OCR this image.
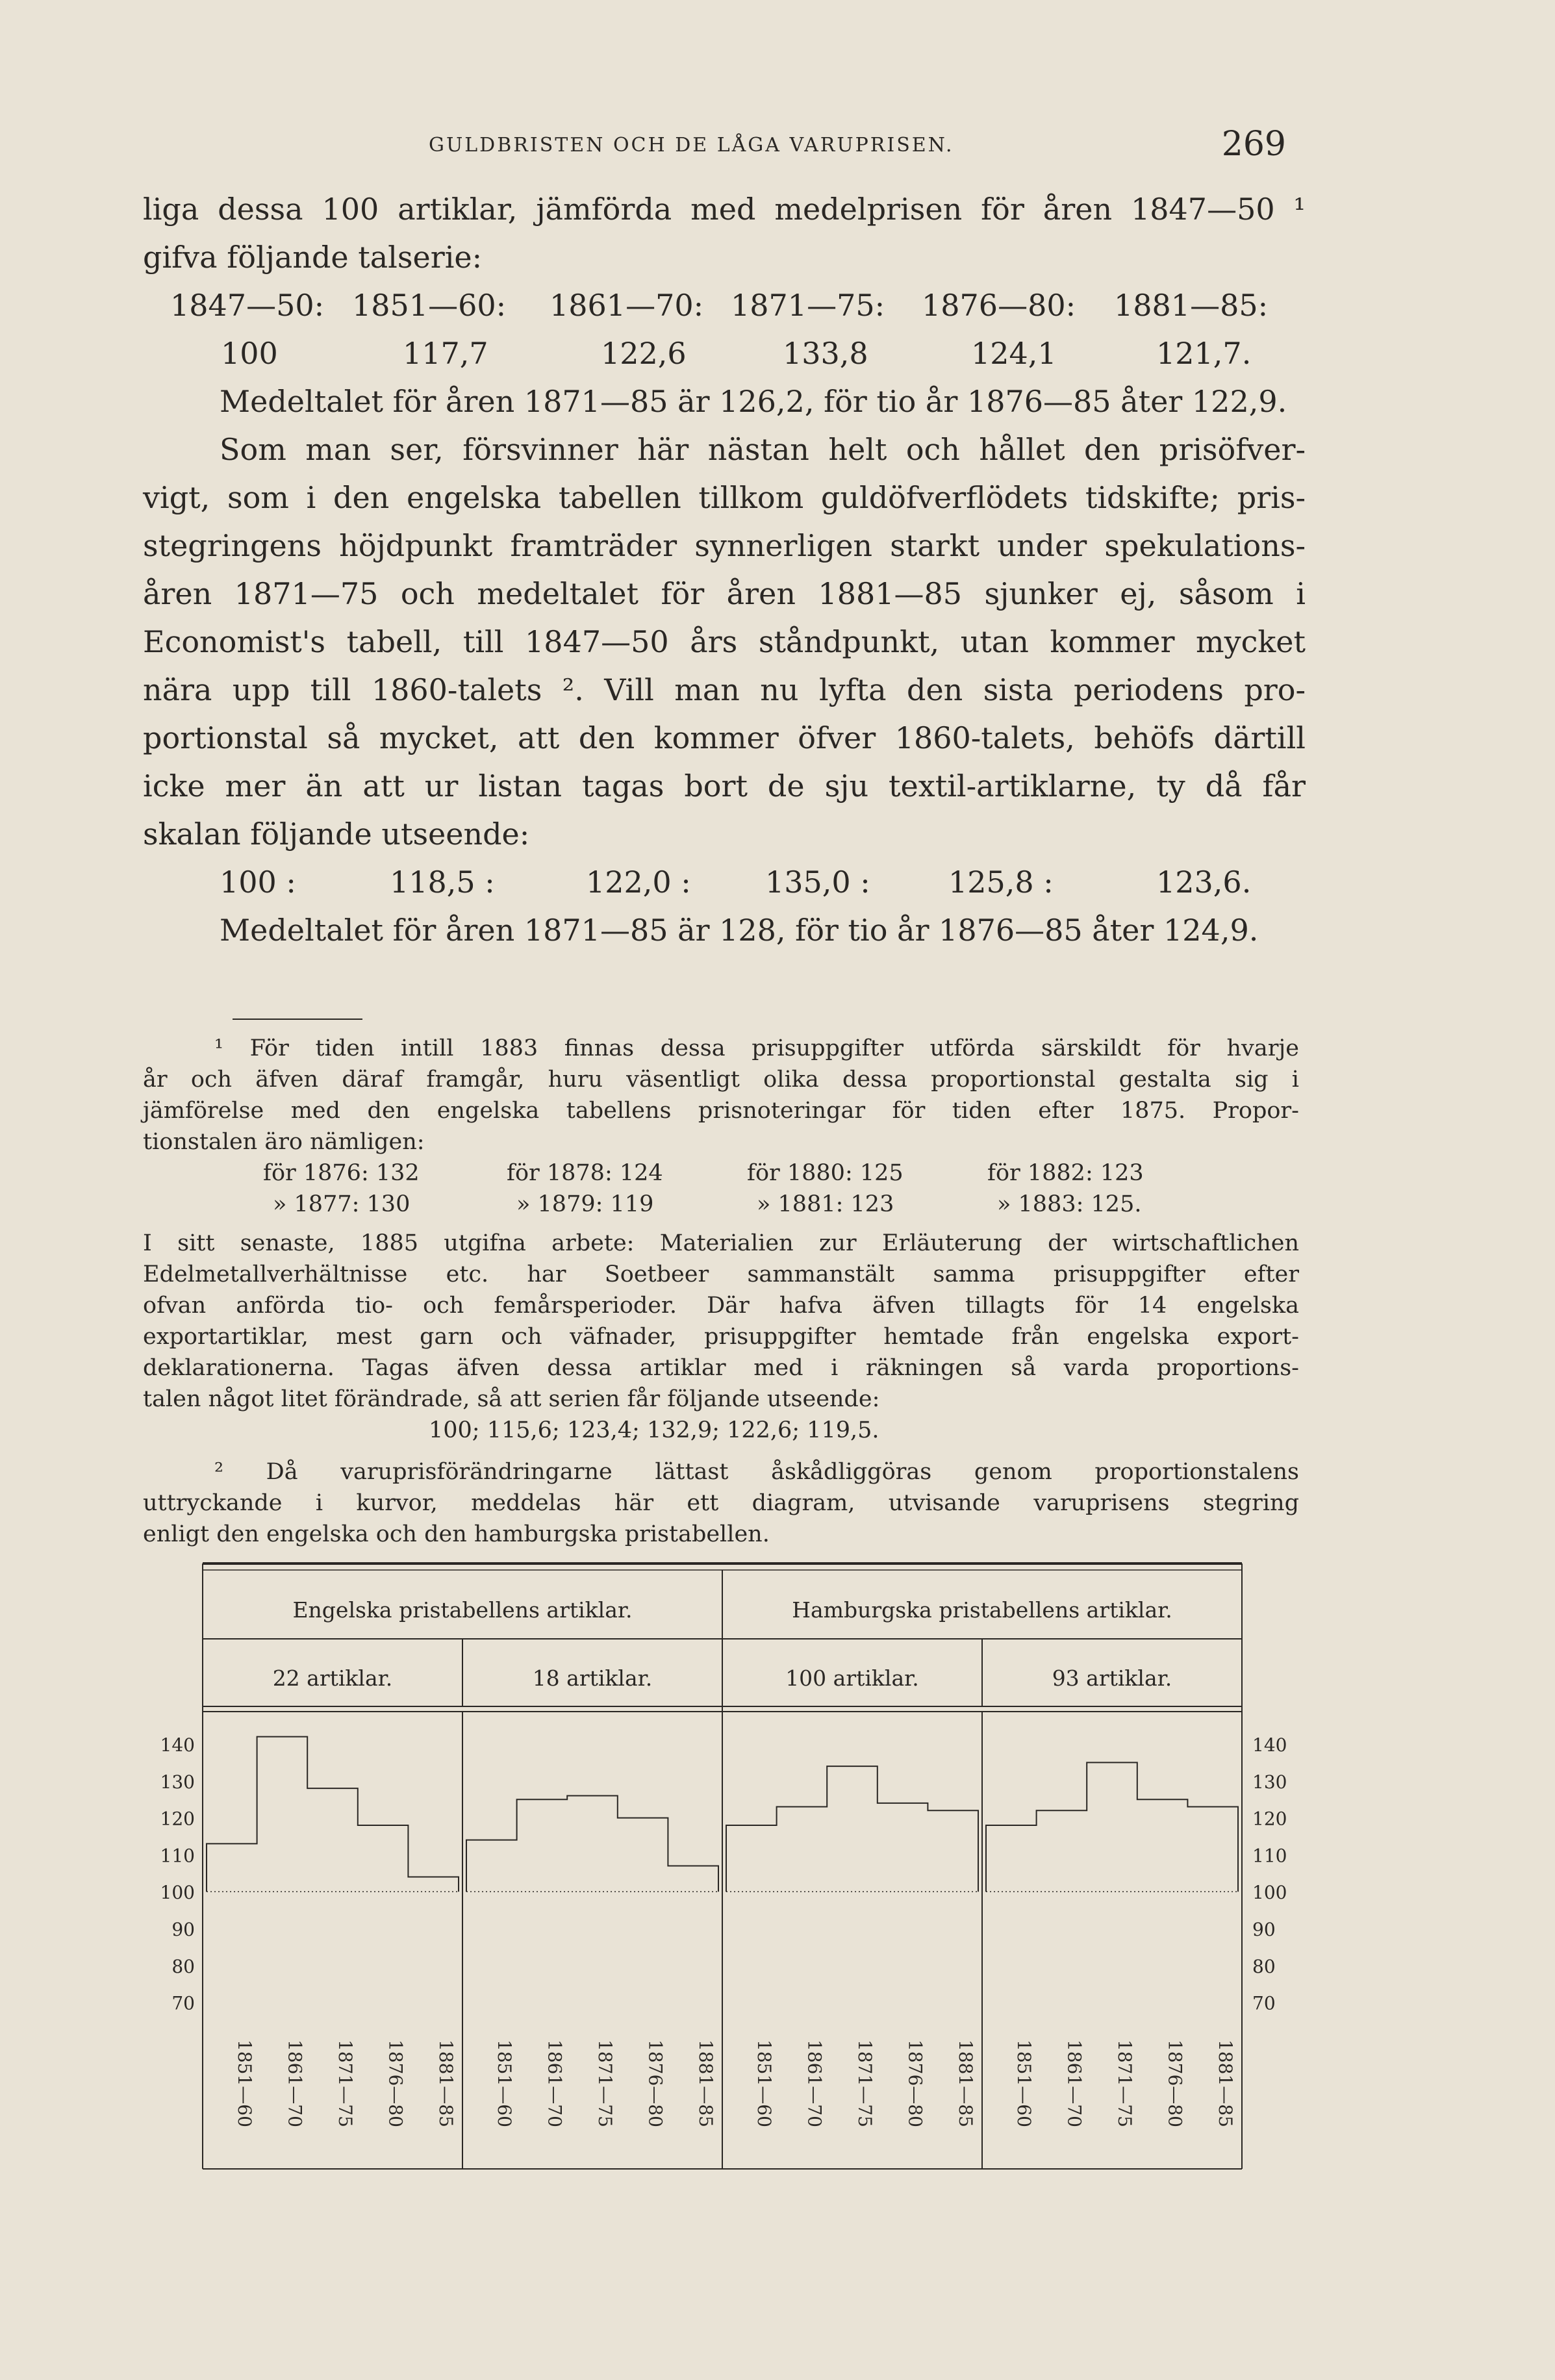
GULDBRISTEN OCH DE LÅGA VARUPRISEN.	269
liga dessa 100 artiklar, jämförda med medelprisen för åren 1847—50 ¹
gifva följande talserie:
1847—50: 1851—60: 1861—70: 1871—75: 1876—80: 1881—85:
100	117,7	122,6	133,8	124,1	121,7.
Medeltalet för åren 1871—85 är 126,2, för tio år 1876—85 åter 122,9.
Som man ser, försvinner här nästan helt och hållet den prisöfver-
vigt, som i den engelska tabellen tillkom guldöfverflödets tidskifte; pris-
stegringens höjdpunkt framträder synnerligen starkt under spekulations-
åren 1871—75 och medeltalet för åren 1881—85 sjunker ej, såsom i
Economist's tabell, till 1847—50 års ståndpunkt, utan kommer mycket
nära upp till 1860-talets ². Vill man nu lyfta den sista periodens pro-
portionstal så mycket, att den kommer öfver 1860-talets, behöfs därtill
icke mer än att ur listan tagas bort de sju textil-artiklarne, ty då får
skalan följande utseende:
100 :	118,5 :	122,0 : 135,0 :	125,8 :	123,6.
Medeltalet för åren 1871—85 är 128, för tio år 1876—85 åter 124,9.
¹ För tiden intill 1883 finnas dessa prisuppgifter utförda särskildt för hvarje
år och äfven däraf framgår, huru väsentligt olika dessa proportionstal gestalta sig i
jämförelse med den engelska tabellens prisnoteringar för tiden efter 1875. Propor-
tionstalen äro nämligen:
för 1876: 132	för 1878: 124	för 1880: 125	för 1882: 123
» 1877: 130	» 1879: 119	» 1881: 123	» 1883: 125.
I sitt senaste, 1885 utgifna arbete: Materialien zur Erläuterung der wirtschaftlichen
Edelmetallverhältnisse etc. har Soetbeer sammanstält samma prisuppgifter efter
ofvan anförda tio- och femårsperioder. Där hafva äfven tillagts för 14 engelska
exportartiklar, mest garn och väfnader, prisuppgifter hemtade från engelska export-
deklarationerna. Tagas äfven dessa artiklar med i räkningen så varda proportions-
talen något litet förändrade, så att serien får följande utseende:
100; 115,6; 123,4; 132,9; 122,6; 119,5.
² Då varuprisförändringarne lättast åskådliggöras genom proportionstalens
uttryckande i kurvor, meddelas här ett diagram, utvisande varuprisens stegring
enligt den engelska och den hamburgska pristabellen.
Engelska pristabellens artiklar.	Hamburgska pristabellens artiklar.
22 artiklar.	18 artiklar.	100 artiklar.	93 artiklar.
140	140
130	130
120	120
110	110
100	100
90	90
80	80
70	70
1851—60 1861—70 1871—75 1876—80 1881—85 1851—60 1861—70 1871—75 1876—80 1881—85 1851—60 1861—70 1871—75 1876—80 1881—85 1851—60 1861—70 1871—75 1876—80 1881—85
